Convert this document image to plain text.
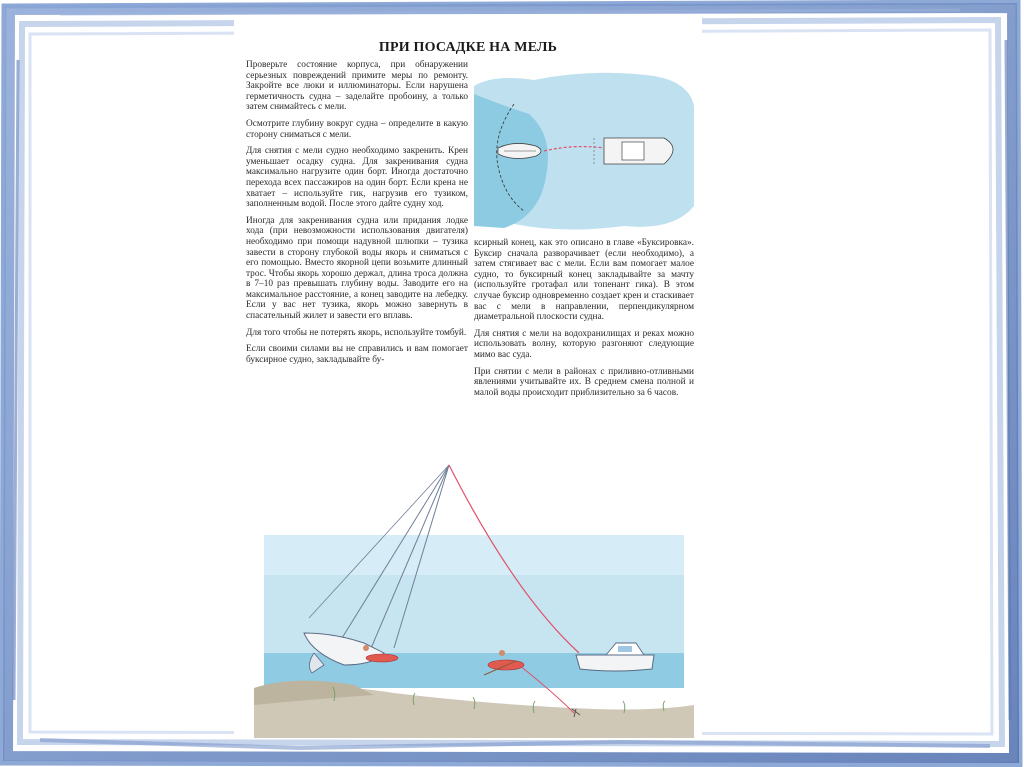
ПРИ ПОСАДКЕ НА МЕЛЬ

Проверьте состояние корпуса, при обнаружении серьезных повреждений примите меры по ремонту. Закройте все люки и иллюминаторы. Если нарушена герметичность судна – заделайте пробоину, а только затем снимайтесь с мели.

Осмотрите глубину вокруг судна – определите в какую сторону сниматься с мели.

Для снятия с мели судно необходимо закренить. Крен уменьшает осадку судна. Для закренивания судна максимально нагрузите один борт. Иногда достаточно перехода всех пассажиров на один борт. Если крена не хватает – используйте гик, нагрузив его тузиком, заполненным водой. После этого дайте судну ход.

Иногда для закренивания судна или придания лодке хода (при невозможности использования двигателя) необходимо при помощи надувной шлюпки – тузика завести в сторону глубокой воды якорь и сниматься с его помощью. Вместо якорной цепи возьмите длинный трос. Чтобы якорь хорошо держал, длина троса должна в 7–10 раз превышать глубину воды. Заводите его на максимальное расстояние, а конец заводите на лебедку. Если у вас нет тузика, якорь можно завернуть в спасательный жилет и завести его вплавь.

Для того чтобы не потерять якорь, используйте томбуй.

Если своими силами вы не справились и вам помогает буксирное судно, закладывайте бу-

ксирный конец, как это описано в главе «Буксировка». Буксир сначала разворачивает (если необходимо), а затем стягивает вас с мели. Если вам помогает малое судно, то буксирный конец закладывайте за мачту (используйте гротафал или топенант гика). В этом случае буксир одновременно создает крен и стаскивает вас с мели в направлении, перпендикулярном диаметральной плоскости судна.

Для снятия с мели на водохранилищах и реках можно использовать волну, которую разгоняют следующие мимо вас суда.

При снятии с мели в районах с приливно-отливными явлениями учитывайте их. В среднем смена полной и малой воды происходит приблизительно за 6 часов.
